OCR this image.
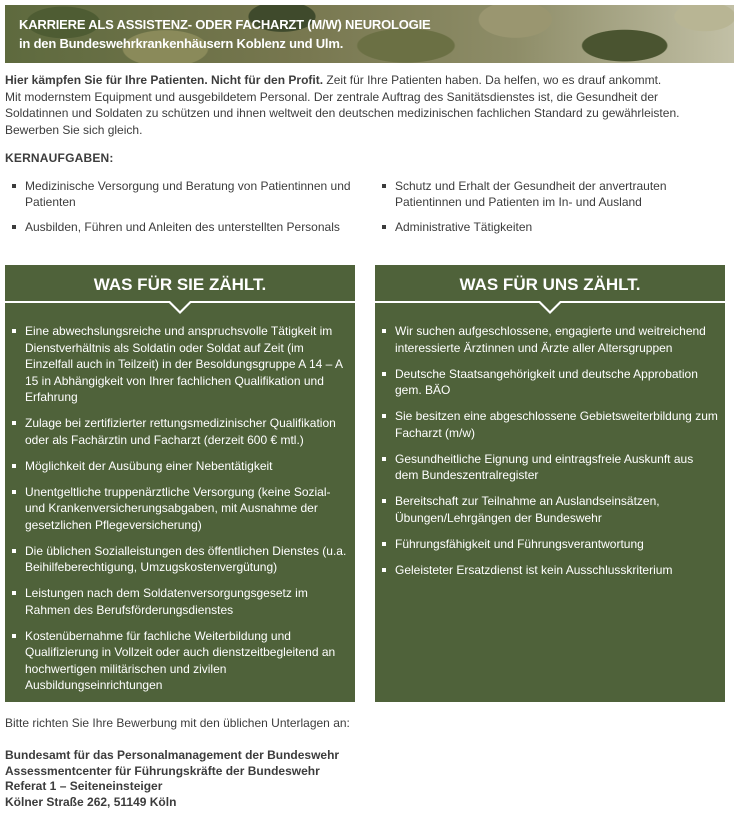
KARRIERE ALS ASSISTENZ- ODER FACHARZT (M/W) NEUROLOGIE
in den Bundeswehrkrankenhäusern Koblenz und Ulm.
Hier kämpfen Sie für Ihre Patienten. Nicht für den Profit. Zeit für Ihre Patienten haben. Da helfen, wo es drauf ankommt.
Mit modernstem Equipment und ausgebildetem Personal. Der zentrale Auftrag des Sanitätsdienstes ist, die Gesundheit der
Soldatinnen und Soldaten zu schützen und ihnen weltweit den deutschen medizinischen fachlichen Standard zu gewährleisten.
Bewerben Sie sich gleich.
KERNAUFGABEN:
Medizinische Versorgung und Beratung von Patientinnen und Patienten
Schutz und Erhalt der Gesundheit der anvertrauten Patientinnen und Patienten im In- und Ausland
Ausbilden, Führen und Anleiten des unterstellten Personals	Administrative Tätigkeiten
WAS FÜR SIE ZÄHLT.
Eine abwechslungsreiche und anspruchsvolle Tätigkeit im Dienstverhältnis als Soldatin oder Soldat auf Zeit (im Einzelfall auch in Teilzeit) in der Besoldungsgruppe A 14 – A 15 in Abhängigkeit von Ihrer fachlichen Qualifikation und Erfahrung
Zulage bei zertifizierter rettungsmedizinischer Qualifikation oder als Fachärztin und Facharzt (derzeit 600 € mtl.)
Möglichkeit der Ausübung einer Nebentätigkeit
Unentgeltliche truppenärztliche Versorgung (keine Sozial- und Krankenversicherungsabgaben, mit Ausnahme der gesetzlichen Pflegeversicherung)
Die üblichen Sozialleistungen des öffentlichen Dienstes (u.a. Beihilfeberechtigung, Umzugskostenvergütung)
Leistungen nach dem Soldatenversorgungsgesetz im Rahmen des Berufsförderungsdienstes
Kostenübernahme für fachliche Weiterbildung und Qualifizierung in Vollzeit oder auch dienstzeitbegleitend an hochwertigen militärischen und zivilen Ausbildungseinrichtungen
WAS FÜR UNS ZÄHLT.
Wir suchen aufgeschlossene, engagierte und weitreichend interessierte Ärztinnen und Ärzte aller Altersgruppen
Deutsche Staatsangehörigkeit und deutsche Approbation gem. BÄO
Sie besitzen eine abgeschlossene Gebietsweiterbildung zum Facharzt (m/w)
Gesundheitliche Eignung und eintragsfreie Auskunft aus dem Bundeszentralregister
Bereitschaft zur Teilnahme an Auslandseinsätzen, Übungen/Lehrgängen der Bundeswehr
Führungsfähigkeit und Führungsverantwortung
Geleisteter Ersatzdienst ist kein Ausschlusskriterium
Bitte richten Sie Ihre Bewerbung mit den üblichen Unterlagen an:
Bundesamt für das Personalmanagement der Bundeswehr
Assessmentcenter für Führungskräfte der Bundeswehr
Referat 1 – Seiteneinsteiger
Kölner Straße 262, 51149 Köln
